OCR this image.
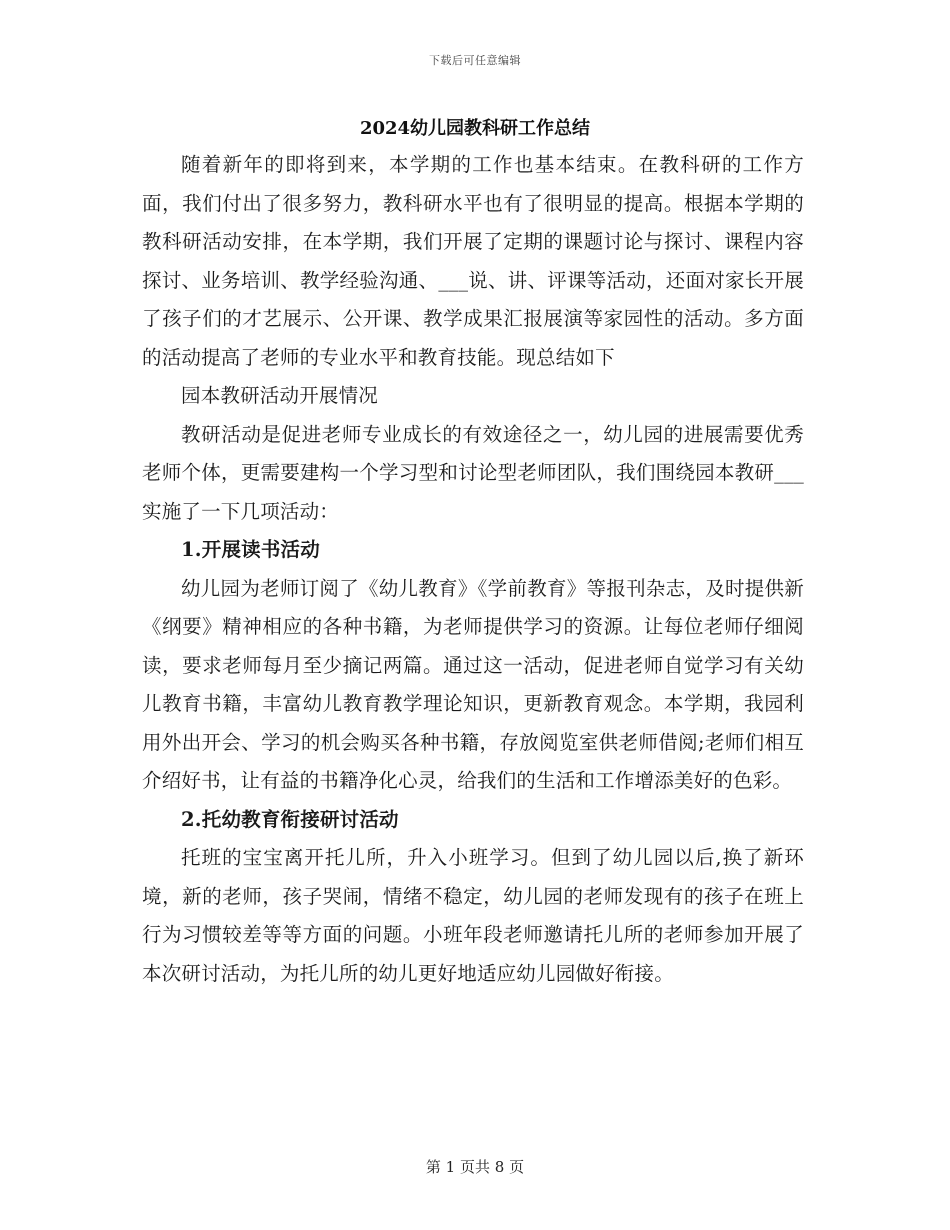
下载后可任意编辑
2024幼儿园教科研工作总结

随着新年的即将到来，本学期的工作也基本结束。在教科研的工作方面，我们付出了很多努力，教科研水平也有了很明显的提高。根据本学期的教科研活动安排，在本学期，我们开展了定期的课题讨论与探讨、课程内容探讨、业务培训、教学经验沟通、___说、讲、评课等活动，还面对家长开展了孩子们的才艺展示、公开课、教学成果汇报展演等家园性的活动。多方面的活动提高了老师的专业水平和教育技能。现总结如下

园本教研活动开展情况

教研活动是促进老师专业成长的有效途径之一，幼儿园的进展需要优秀老师个体，更需要建构一个学习型和讨论型老师团队，我们围绕园本教研___实施了一下几项活动：

1.开展读书活动

幼儿园为老师订阅了《幼儿教育》《学前教育》等报刊杂志，及时提供新《纲要》精神相应的各种书籍，为老师提供学习的资源。让每位老师仔细阅读，要求老师每月至少摘记两篇。通过这一活动，促进老师自觉学习有关幼儿教育书籍，丰富幼儿教育教学理论知识，更新教育观念。本学期，我园利用外出开会、学习的机会购买各种书籍，存放阅览室供老师借阅;老师们相互介绍好书，让有益的书籍净化心灵，给我们的生活和工作增添美好的色彩。

2.托幼教育衔接研讨活动

托班的宝宝离开托儿所，升入小班学习。但到了幼儿园以后,换了新环境，新的老师，孩子哭闹，情绪不稳定，幼儿园的老师发现有的孩子在班上行为习惯较差等等方面的问题。小班年段老师邀请托儿所的老师参加开展了本次研讨活动，为托儿所的幼儿更好地适应幼儿园做好衔接。

第 1 页共 8 页
